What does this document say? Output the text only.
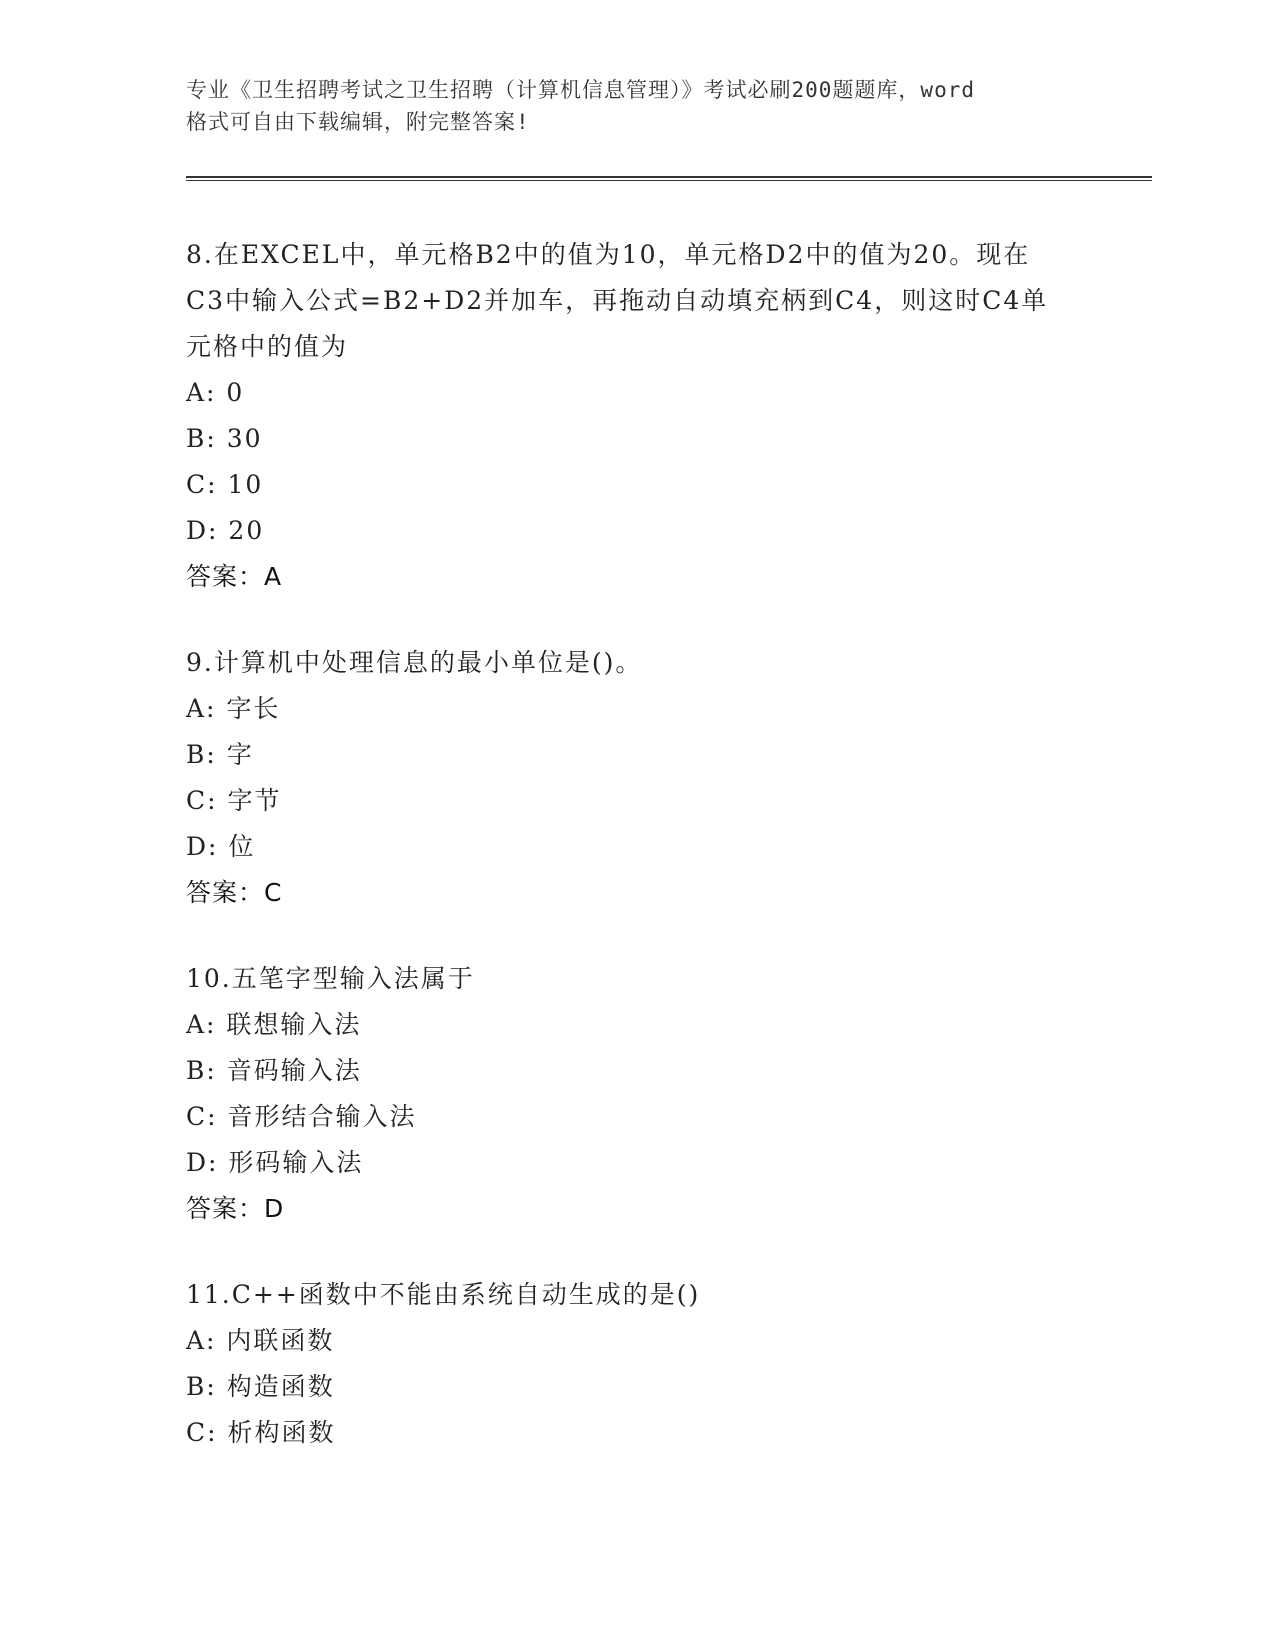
专业《卫生招聘考试之卫生招聘（计算机信息管理）》考试必刷200题题库，word
格式可自由下载编辑，附完整答案!

8.在EXCEL中，单元格B2中的值为10，单元格D2中的值为20。现在

C3中输入公式=B2+D2并加车，再拖动自动填充柄到C4，则这时C4单

元格中的值为

A: 0
B: 30
C: 10
D: 20
答案：A

9.计算机中处理信息的最小单位是()。

A: 字长
B: 字
C: 字节
D: 位
答案：C

10.五笔字型输入法属于

A: 联想输入法
B: 音码输入法
C: 音形结合输入法
D: 形码输入法
答案：D

11.C++函数中不能由系统自动生成的是()

A: 内联函数
B: 构造函数
C: 析构函数
